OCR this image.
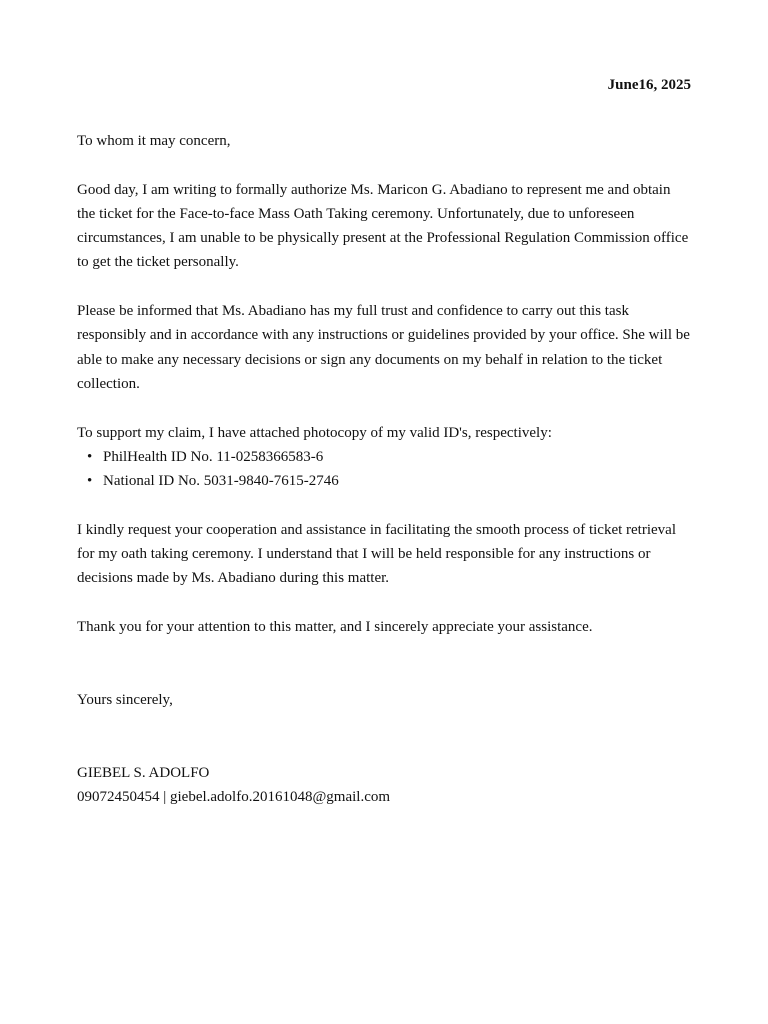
June16, 2025

To whom it may concern,

Good day, I am writing to formally authorize Ms. Maricon G. Abadiano to represent me and obtain the ticket for the Face-to-face Mass Oath Taking ceremony. Unfortunately, due to unforeseen circumstances, I am unable to be physically present at the Professional Regulation Commission office to get the ticket personally.

Please be informed that Ms. Abadiano has my full trust and confidence to carry out this task responsibly and in accordance with any instructions or guidelines provided by your office. She will be able to make any necessary decisions or sign any documents on my behalf in relation to the ticket collection.

To support my claim, I have attached photocopy of my valid ID's, respectively:

• PhilHealth ID No. 11-0258366583-6
• National ID No. 5031-9840-7615-2746

I kindly request your cooperation and assistance in facilitating the smooth process of ticket retrieval for my oath taking ceremony. I understand that I will be held responsible for any instructions or decisions made by Ms. Abadiano during this matter.

Thank you for your attention to this matter, and I sincerely appreciate your assistance.

Yours sincerely,

GIEBEL S. ADOLFO

09072450454 | giebel.adolfo.20161048@gmail.com
